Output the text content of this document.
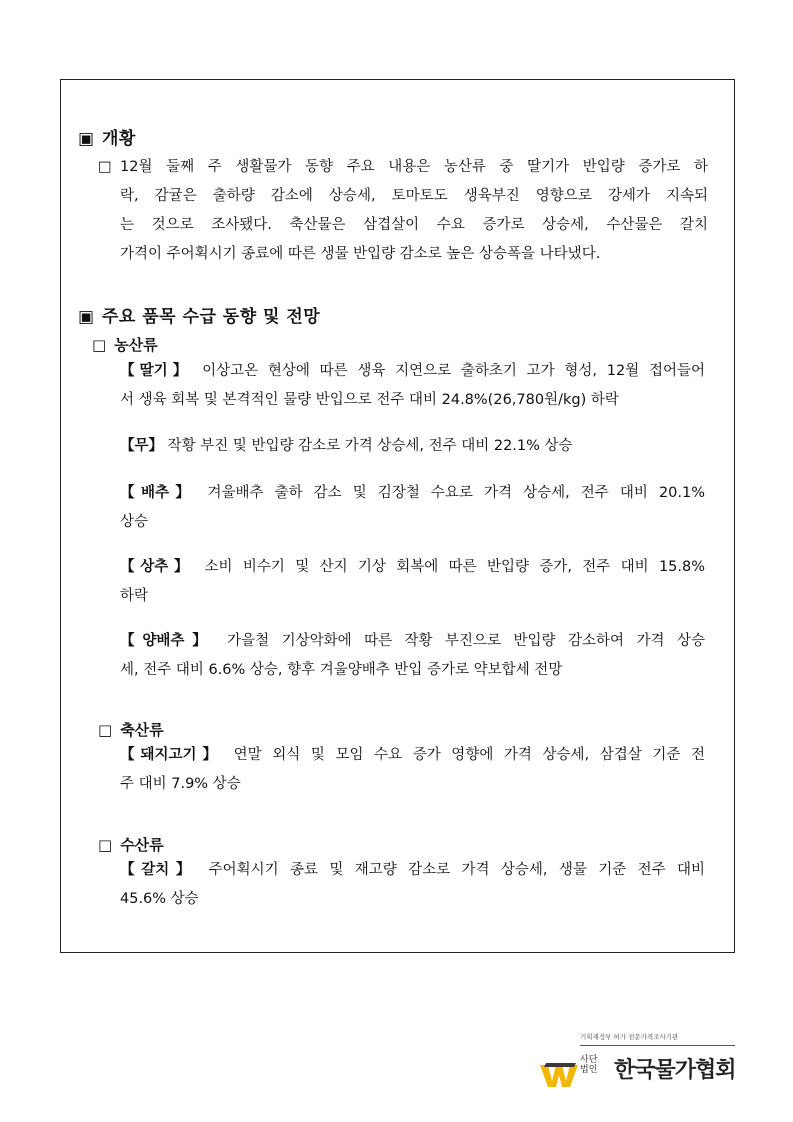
▣ 개황
□ 12월 둘째 주 생활물가 동향 주요 내용은 농산류 중 딸기가 반입량 증가로 하
락, 감귤은 출하량 감소에 상승세, 토마토도 생육부진 영향으로 강세가 지속되
는 것으로 조사됐다. 축산물은 삼겹살이 수요 증가로 상승세, 수산물은 갈치
가격이 주어획시기 종료에 따른 생물 반입량 감소로 높은 상승폭을 나타냈다.
▣ 주요 품목 수급 동향 및 전망
□ 농산류
【딸기】 이상고온 현상에 따른 생육 지연으로 출하초기 고가 형성, 12월 접어들어
서 생육 회복 및 본격적인 물량 반입으로 전주 대비 24.8%(26,780원/kg) 하락
【무】 작황 부진 및 반입량 감소로 가격 상승세, 전주 대비 22.1% 상승
【배추】 겨울배추 출하 감소 및 김장철 수요로 가격 상승세, 전주 대비 20.1%
상승
【상추】 소비 비수기 및 산지 기상 회복에 따른 반입량 증가, 전주 대비 15.8%
하락
【양배추】 가을철 기상악화에 따른 작황 부진으로 반입량 감소하여 가격 상승
세, 전주 대비 6.6% 상승, 향후 겨울양배추 반입 증가로 약보합세 전망
□ 축산류
【돼지고기】 연말 외식 및 모임 수요 증가 영향에 가격 상승세, 삼겹살 기준 전
주 대비 7.9% 상승
□ 수산류
【갈치】 주어획시기 종료 및 재고량 감소로 가격 상승세, 생물 기준 전주 대비
45.6% 상승
기획재정부 허가 전문가격조사기관
사단
법인 한국물가협회
